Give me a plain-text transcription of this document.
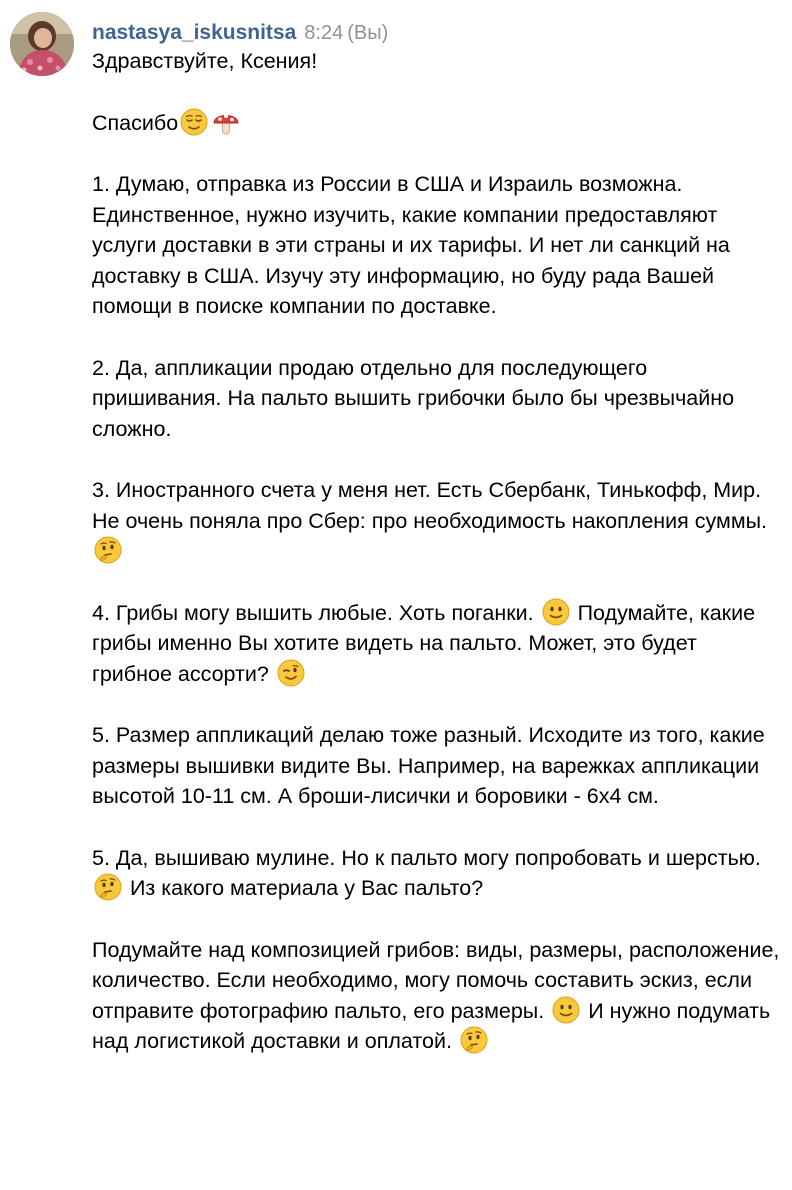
nastasya_iskusnitsa 8:24 (Вы)
Здравствуйте, Ксения!
Спасибо
1. Думаю, отправка из России в США и Израиль возможна. Единственное, нужно изучить, какие компании предоставляют услуги доставки в эти страны и их тарифы. И нет ли санкций на доставку в США. Изучу эту информацию, но буду рада Вашей помощи в поиске компании по доставке.
2. Да, аппликации продаю отдельно для последующего пришивания. На пальто вышить грибочки было бы чрезвычайно сложно.
3. Иностранного счета у меня нет. Есть Сбербанк, Тинькофф, Мир. Не очень поняла про Сбер: про необходимость накопления суммы.
4. Грибы могу вышить любые. Хоть поганки.
Подумайте, какие грибы именно Вы хотите видеть на пальто. Может, это будет грибное ассорти?
5. Размер аппликаций делаю тоже разный. Исходите из того, какие размеры вышивки видите Вы. Например, на варежках аппликации высотой 10-11 см. А броши-лисички и боровики - 6х4 см.
5. Да, вышиваю мулине. Но к пальто могу попробовать и шерстью.
Из какого материала у Вас пальто?
Подумайте над композицией грибов: виды, размеры, расположение, количество. Если необходимо, могу помочь составить эскиз, если отправите фотографию пальто, его размеры.
И нужно подумать над логистикой доставки и оплатой.
